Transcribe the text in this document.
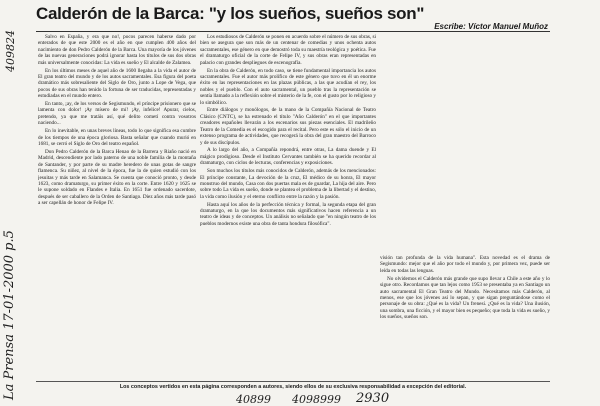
409824
La Prensa 17-01-2000 p.5
Calderón de la Barca: "y los sueños, sueños son"
Escribe: Víctor Manuel Muñoz

Salvo en España, y era que no!, pocos parecen haberse dado por enterados de que este 2000 es el año en que cumplen 400 años del nacimiento de don Pedro Calderón de la Barca. Una mayoría de los jóvenes de las nuevas generaciones podrá ignorar hasta los títulos de sus dos obras más universalmente conocidas: La vida es sueño y El alcalde de Zalamea.

En los últimos meses de aquel año de 1600 llegaba a la vida el autor de El gran teatro del mundo y de los autos sacramentales. Esa figura del poeta dramático más sobresaliente del Siglo de Oro, junto a Lope de Vega, que pocos de sus obras han tenido la fortuna de ser traducidas, representadas y estudiadas en el mundo entero.

En tanto, ¡ay, de los versos de Segismundo, el príncipe prisionero que se lamenta con dolor! ¡Ay mísero de mí! ¡Ay, infelice! Apurar, cielos, pretendo, ya que me tratáis así, qué delito cometí contra vosotros naciendo...

En lo inevitable, en unas breves líneas, todo lo que significa esa cumbre de los tiempos de una época gloriosa. Basta señalar que cuando murió en 1681, se cerró el Siglo de Oro del teatro español.

Don Pedro Calderón de la Barca Henao de la Barrera y Riaño nació en Madrid, descendiente por lado paterno de una noble familia de la montaña de Santander, y por parte de su madre heredero de unas gotas de sangre flamenca. Su niñez, al nivel de la época, fue la de quien estudió con los jesuitas y más tarde en Salamanca. Se cuenta que conoció pronto, y desde 1623, como dramaturgo, su primer éxito en la corte. Entre 1620 y 1625 se le supone soldado en Flandes e Italia. En 1651 fue ordenado sacerdote, después de ser caballero de la Orden de Santiago. Diez años más tarde pasó a ser capellán de honor de Felipe IV.

Los estudiosos de Calderón se ponen en acuerdo sobre el número de sus obras, si bien se asegura que son más de un centenar de comedias y unos ochenta autos sacramentales, ese género en que demostró toda su maestría teológica y poética. Fue el dramaturgo oficial de la corte de Felipe IV, y sus obras eran representadas en palacio con grandes despliegues de escenografía.

En la obra de Calderón, en todo caso, se tiene fundamental importancia los autos sacramentales. Fue el autor más prolífico de este género que tuvo en él un enorme éxito en las representaciones en las plazas públicas, a las que acudían el rey, los nobles y el pueblo. Con el auto sacramental, un pueblo tras la representación se sentía llamado a la reflexión sobre el misterio de la fe, con el gusto por lo religioso y lo simbólico.

Entre diálogos y monólogos, de la mano de la Compañía Nacional de Teatro Clásico (CNTC), se ha estrenado el título "Año Calderón" en el que importantes creadores españoles llevarán a los escenarios sus piezas esenciales. El madrileño Teatro de la Comedia es el escogido para el recital. Pero este es sólo el inicio de un extenso programa de actividades, que recogerá la obra del gran maestro del Barroco y de sus discípulos.

A lo largo del año, a Compañía repondrá, entre otras, La dama duende y El mágico prodigioso. Desde el Instituto Cervantes también se ha querido recordar al dramaturgo, con ciclos de lecturas, conferencias y exposiciones.

Son muchos los títulos más conocidos de Calderón, además de los mencionados: El príncipe constante, La devoción de la cruz, El médico de su honra, El mayor monstruo del mundo, Casa con dos puertas mala es de guardar, La hija del aire. Pero sobre todo La vida es sueño, donde se plantea el problema de la libertad y el destino, la vida como ilusión y el eterno conflicto entre la razón y la pasión.

Hasta aquí los años de la perfección técnica y formal, la segunda etapa del gran dramaturgo, en la que los documentos más significativos hacen referencia a un teatro de ideas y de conceptos. Un análisis no señalado que "en ningún teatro de los pueblos modernos existe una obra de tanta hondura filosófica".

visión tan profunda de la vida humana". Esta novedad es el drama de Segismundo: mejor que el año por todo el mundo y, por primera vez, puede ser leída en todas las lenguas.

No olvidemos el Calderón más grande que supo llevar a Chile a este año y lo sigue otro. Recordamos que tan lejos como 1953 se presentaba ya en Santiago un auto sacramental El Gran Teatro del Mundo. Necesitamos más Calderón, al menos, ese que los jóvenes así lo sepan, y que sigan preguntándose como el personaje de su obra: ¿Qué es la vida? Un frenesí. ¿Qué es la vida? Una ilusión, una sombra, una ficción, y el mayor bien es pequeño; que toda la vida es sueño, y los sueños, sueños son.

Los conceptos vertidos en esta página corresponden a autores, siendo ellos de su exclusiva responsabilidad a excepción del editorial.
40899 4098999 2930
